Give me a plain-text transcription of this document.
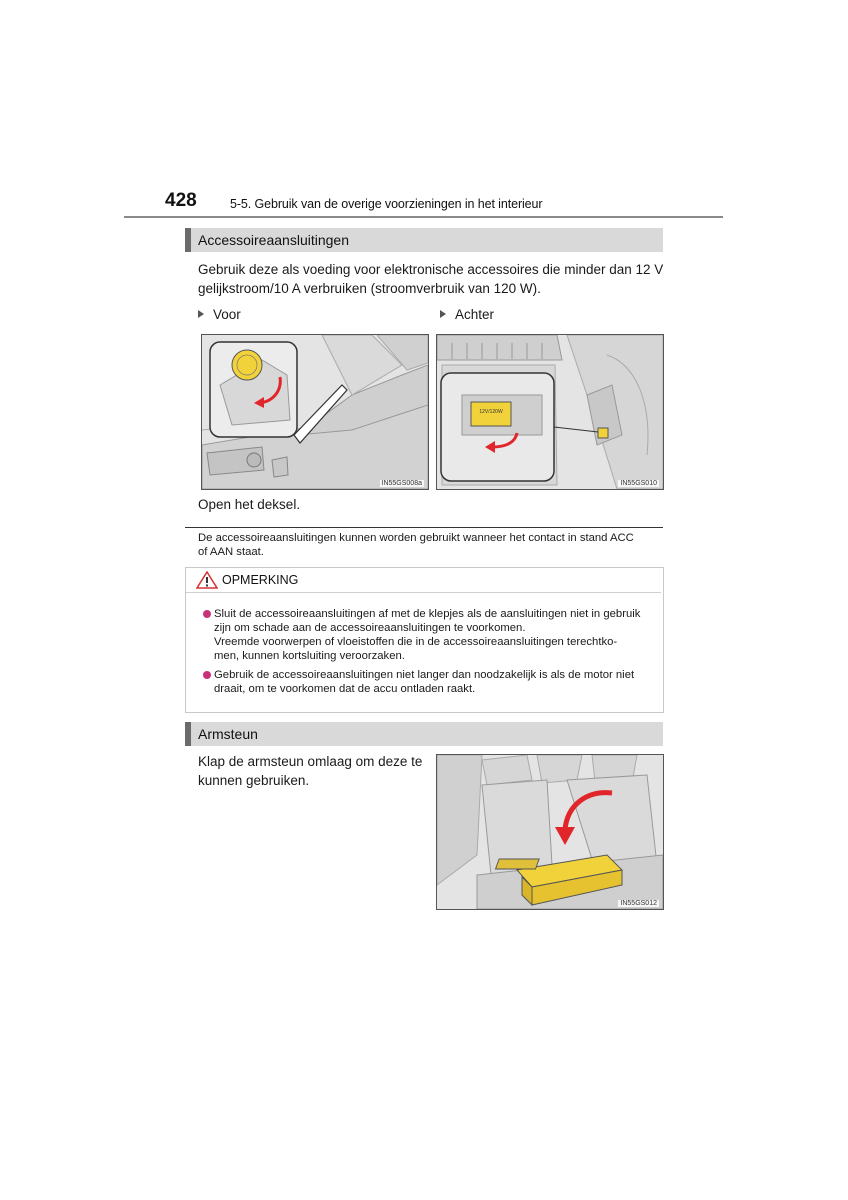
428	5-5. Gebruik van de overige voorzieningen in het interieur
Accessoireaansluitingen
Gebruik deze als voeding voor elektronische accessoires die minder dan 12 V
gelijkstroom/10 A verbruiken (stroomverbruik van 120 W).
Voor	Achter
IN55GS008a
12V/120W
IN55GS010
Open het deksel.
De accessoireaansluitingen kunnen worden gebruikt wanneer het contact in stand ACC
of AAN staat.
OPMERKING
Sluit de accessoireaansluitingen af met de klepjes als de aansluitingen niet in gebruik
zijn om schade aan de accessoireaansluitingen te voorkomen.
Vreemde voorwerpen of vloeistoffen die in de accessoireaansluitingen terechtko-
men, kunnen kortsluiting veroorzaken.
Gebruik de accessoireaansluitingen niet langer dan noodzakelijk is als de motor niet
draait, om te voorkomen dat de accu ontladen raakt.
Armsteun
Klap de armsteun omlaag om deze te
kunnen gebruiken.
IN55GS012
